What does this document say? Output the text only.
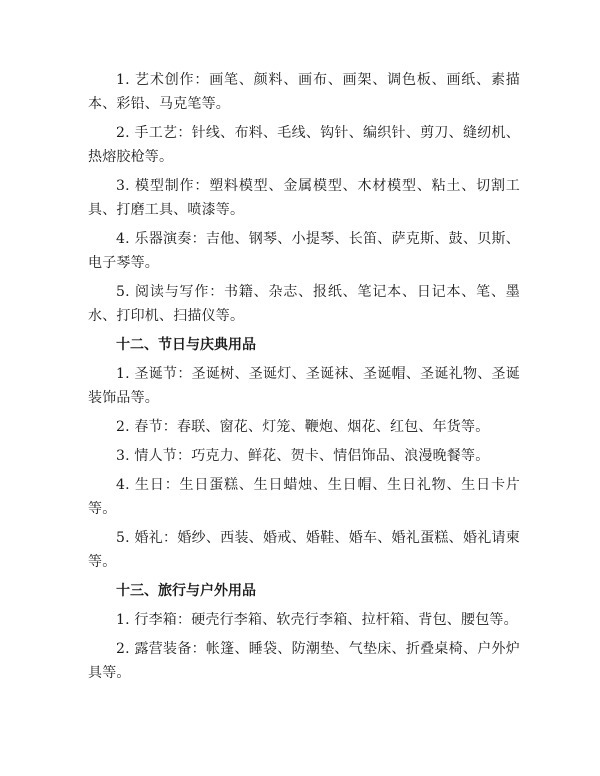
1. 艺术创作：画笔、颜料、画布、画架、调色板、画纸、素描本、彩铅、马克笔等。

2. 手工艺：针线、布料、毛线、钩针、编织针、剪刀、缝纫机、热熔胶枪等。

3. 模型制作：塑料模型、金属模型、木材模型、粘土、切割工具、打磨工具、喷漆等。

4. 乐器演奏：吉他、钢琴、小提琴、长笛、萨克斯、鼓、贝斯、电子琴等。

5. 阅读与写作：书籍、杂志、报纸、笔记本、日记本、笔、墨水、打印机、扫描仪等。

十二、节日与庆典用品

1. 圣诞节：圣诞树、圣诞灯、圣诞袜、圣诞帽、圣诞礼物、圣诞装饰品等。

2. 春节：春联、窗花、灯笼、鞭炮、烟花、红包、年货等。

3. 情人节：巧克力、鲜花、贺卡、情侣饰品、浪漫晚餐等。

4. 生日：生日蛋糕、生日蜡烛、生日帽、生日礼物、生日卡片等。

5. 婚礼：婚纱、西装、婚戒、婚鞋、婚车、婚礼蛋糕、婚礼请柬等。

十三、旅行与户外用品

1. 行李箱：硬壳行李箱、软壳行李箱、拉杆箱、背包、腰包等。

2. 露营装备：帐篷、睡袋、防潮垫、气垫床、折叠桌椅、户外炉具等。
